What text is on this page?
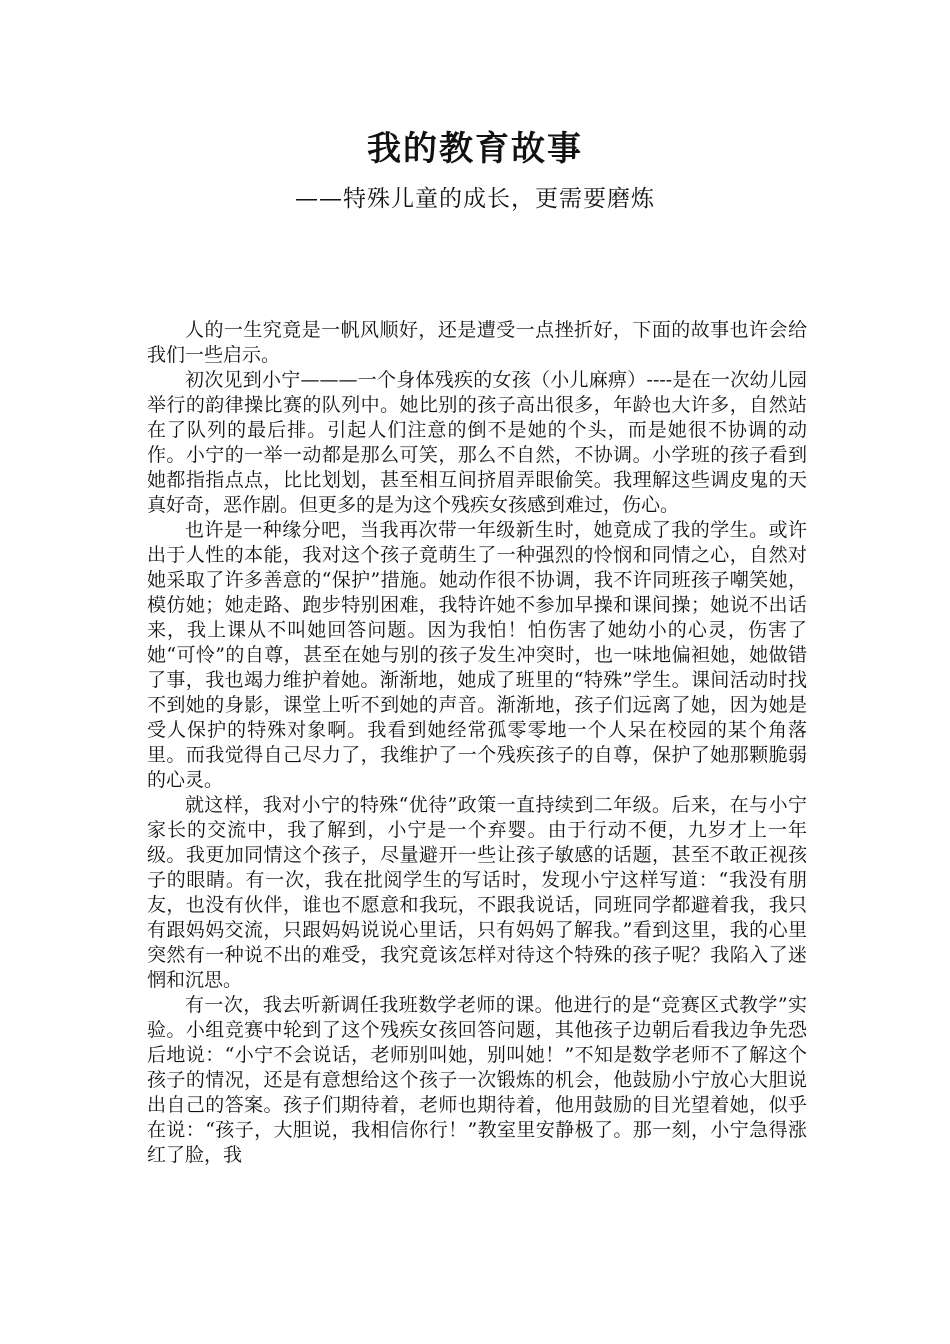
我的教育故事
——特殊儿童的成长，更需要磨炼

人的一生究竟是一帆风顺好，还是遭受一点挫折好，下面的故事也许会给我们一些启示。

初次见到小宁———一个身体残疾的女孩（小儿麻痹）----是在一次幼儿园举行的韵律操比赛的队列中。她比别的孩子高出很多，年龄也大许多，自然站在了队列的最后排。引起人们注意的倒不是她的个头，而是她很不协调的动作。小宁的一举一动都是那么可笑，那么不自然，不协调。小学班的孩子看到她都指指点点，比比划划，甚至相互间挤眉弄眼偷笑。我理解这些调皮鬼的天真好奇，恶作剧。但更多的是为这个残疾女孩感到难过，伤心。

也许是一种缘分吧，当我再次带一年级新生时，她竟成了我的学生。或许出于人性的本能，我对这个孩子竟萌生了一种强烈的怜悯和同情之心，自然对她采取了许多善意的“保护”措施。她动作很不协调，我不许同班孩子嘲笑她，模仿她；她走路、跑步特别困难，我特许她不参加早操和课间操；她说不出话来，我上课从不叫她回答问题。因为我怕！怕伤害了她幼小的心灵，伤害了她“可怜”的自尊，甚至在她与别的孩子发生冲突时，也一味地偏袒她，她做错了事，我也竭力维护着她。渐渐地，她成了班里的“特殊”学生。课间活动时找不到她的身影，课堂上听不到她的声音。渐渐地，孩子们远离了她，因为她是受人保护的特殊对象啊。我看到她经常孤零零地一个人呆在校园的某个角落里。而我觉得自己尽力了，我维护了一个残疾孩子的自尊，保护了她那颗脆弱的心灵。

就这样，我对小宁的特殊“优待”政策一直持续到二年级。后来，在与小宁家长的交流中，我了解到，小宁是一个弃婴。由于行动不便，九岁才上一年级。我更加同情这个孩子，尽量避开一些让孩子敏感的话题，甚至不敢正视孩子的眼睛。有一次，我在批阅学生的写话时，发现小宁这样写道：“我没有朋友，也没有伙伴，谁也不愿意和我玩，不跟我说话，同班同学都避着我，我只有跟妈妈交流，只跟妈妈说说心里话，只有妈妈了解我。”看到这里，我的心里突然有一种说不出的难受，我究竟该怎样对待这个特殊的孩子呢？我陷入了迷惘和沉思。

有一次，我去听新调任我班数学老师的课。他进行的是“竞赛区式教学”实验。小组竞赛中轮到了这个残疾女孩回答问题，其他孩子边朝后看我边争先恐后地说：“小宁不会说话，老师别叫她，别叫她！”不知是数学老师不了解这个孩子的情况，还是有意想给这个孩子一次锻炼的机会，他鼓励小宁放心大胆说出自己的答案。孩子们期待着，老师也期待着，他用鼓励的目光望着她，似乎在说：“孩子，大胆说，我相信你行！”教室里安静极了。那一刻，小宁急得涨红了脸，我
